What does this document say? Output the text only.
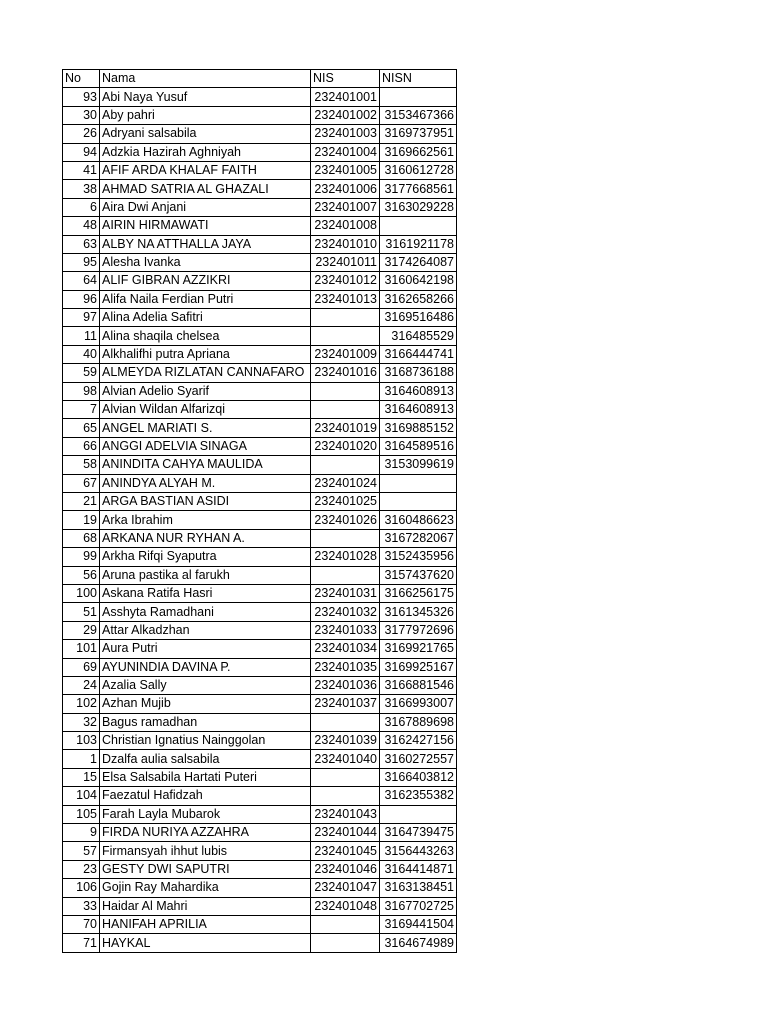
No	Nama	NIS	NISN
93	Abi Naya Yusuf	232401001	
30	Aby pahri	232401002	3153467366
26	Adryani salsabila	232401003	3169737951
94	Adzkia Hazirah Aghniyah	232401004	3169662561
41	AFIF ARDA KHALAF FAITH	232401005	3160612728
38	AHMAD SATRIA AL GHAZALI	232401006	3177668561
6	Aira Dwi Anjani	232401007	3163029228
48	AIRIN HIRMAWATI	232401008	
63	ALBY NA ATTHALLA JAYA	232401010	3161921178
95	Alesha Ivanka	232401011	3174264087
64	ALIF GIBRAN AZZIKRI	232401012	3160642198
96	Alifa Naila Ferdian Putri	232401013	3162658266
97	Alina Adelia Safitri		3169516486
11	Alina shaqila chelsea		316485529
40	Alkhalifhi putra Apriana	232401009	3166444741
59	ALMEYDA RIZLATAN CANNAFARO	232401016	3168736188
98	Alvian Adelio Syarif		3164608913
7	Alvian Wildan Alfarizqi		3164608913
65	ANGEL MARIATI S.	232401019	3169885152
66	ANGGI ADELVIA SINAGA	232401020	3164589516
58	ANINDITA CAHYA MAULIDA		3153099619
67	ANINDYA ALYAH M.	232401024	
21	ARGA BASTIAN ASIDI	232401025	
19	Arka Ibrahim	232401026	3160486623
68	ARKANA NUR RYHAN A.		3167282067
99	Arkha Rifqi Syaputra	232401028	3152435956
56	Aruna pastika al farukh		3157437620
100	Askana Ratifa Hasri	232401031	3166256175
51	Asshyta Ramadhani	232401032	3161345326
29	Attar Alkadzhan	232401033	3177972696
101	Aura Putri	232401034	3169921765
69	AYUNINDIA DAVINA P.	232401035	3169925167
24	Azalia Sally	232401036	3166881546
102	Azhan Mujib	232401037	3166993007
32	Bagus ramadhan		3167889698
103	Christian Ignatius Nainggolan	232401039	3162427156
1	Dzalfa aulia salsabila	232401040	3160272557
15	Elsa Salsabila Hartati Puteri		3166403812
104	Faezatul Hafidzah		3162355382
105	Farah Layla Mubarok	232401043	
9	FIRDA NURIYA AZZAHRA	232401044	3164739475
57	Firmansyah ihhut lubis	232401045	3156443263
23	GESTY DWI SAPUTRI	232401046	3164414871
106	Gojin Ray Mahardika	232401047	3163138451
33	Haidar Al Mahri	232401048	3167702725
70	HANIFAH APRILIA		3169441504
71	HAYKAL		3164674989
